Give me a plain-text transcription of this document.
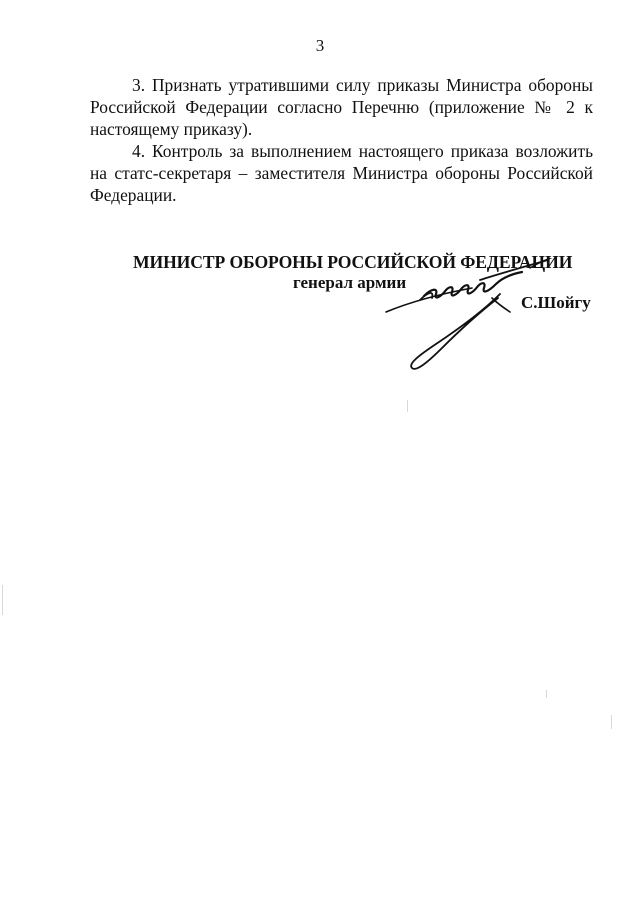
3

3. Признать утратившими силу приказы Министра обороны Российской Федерации согласно Перечню (приложение № 2 к настоящему приказу).

4. Контроль за выполнением настоящего приказа возложить на статс-секретаря – заместителя Министра обороны Российской Федерации.

МИНИСТР ОБОРОНЫ РОССИЙСКОЙ ФЕДЕРАЦИИ
генерал армии
С.Шойгу
